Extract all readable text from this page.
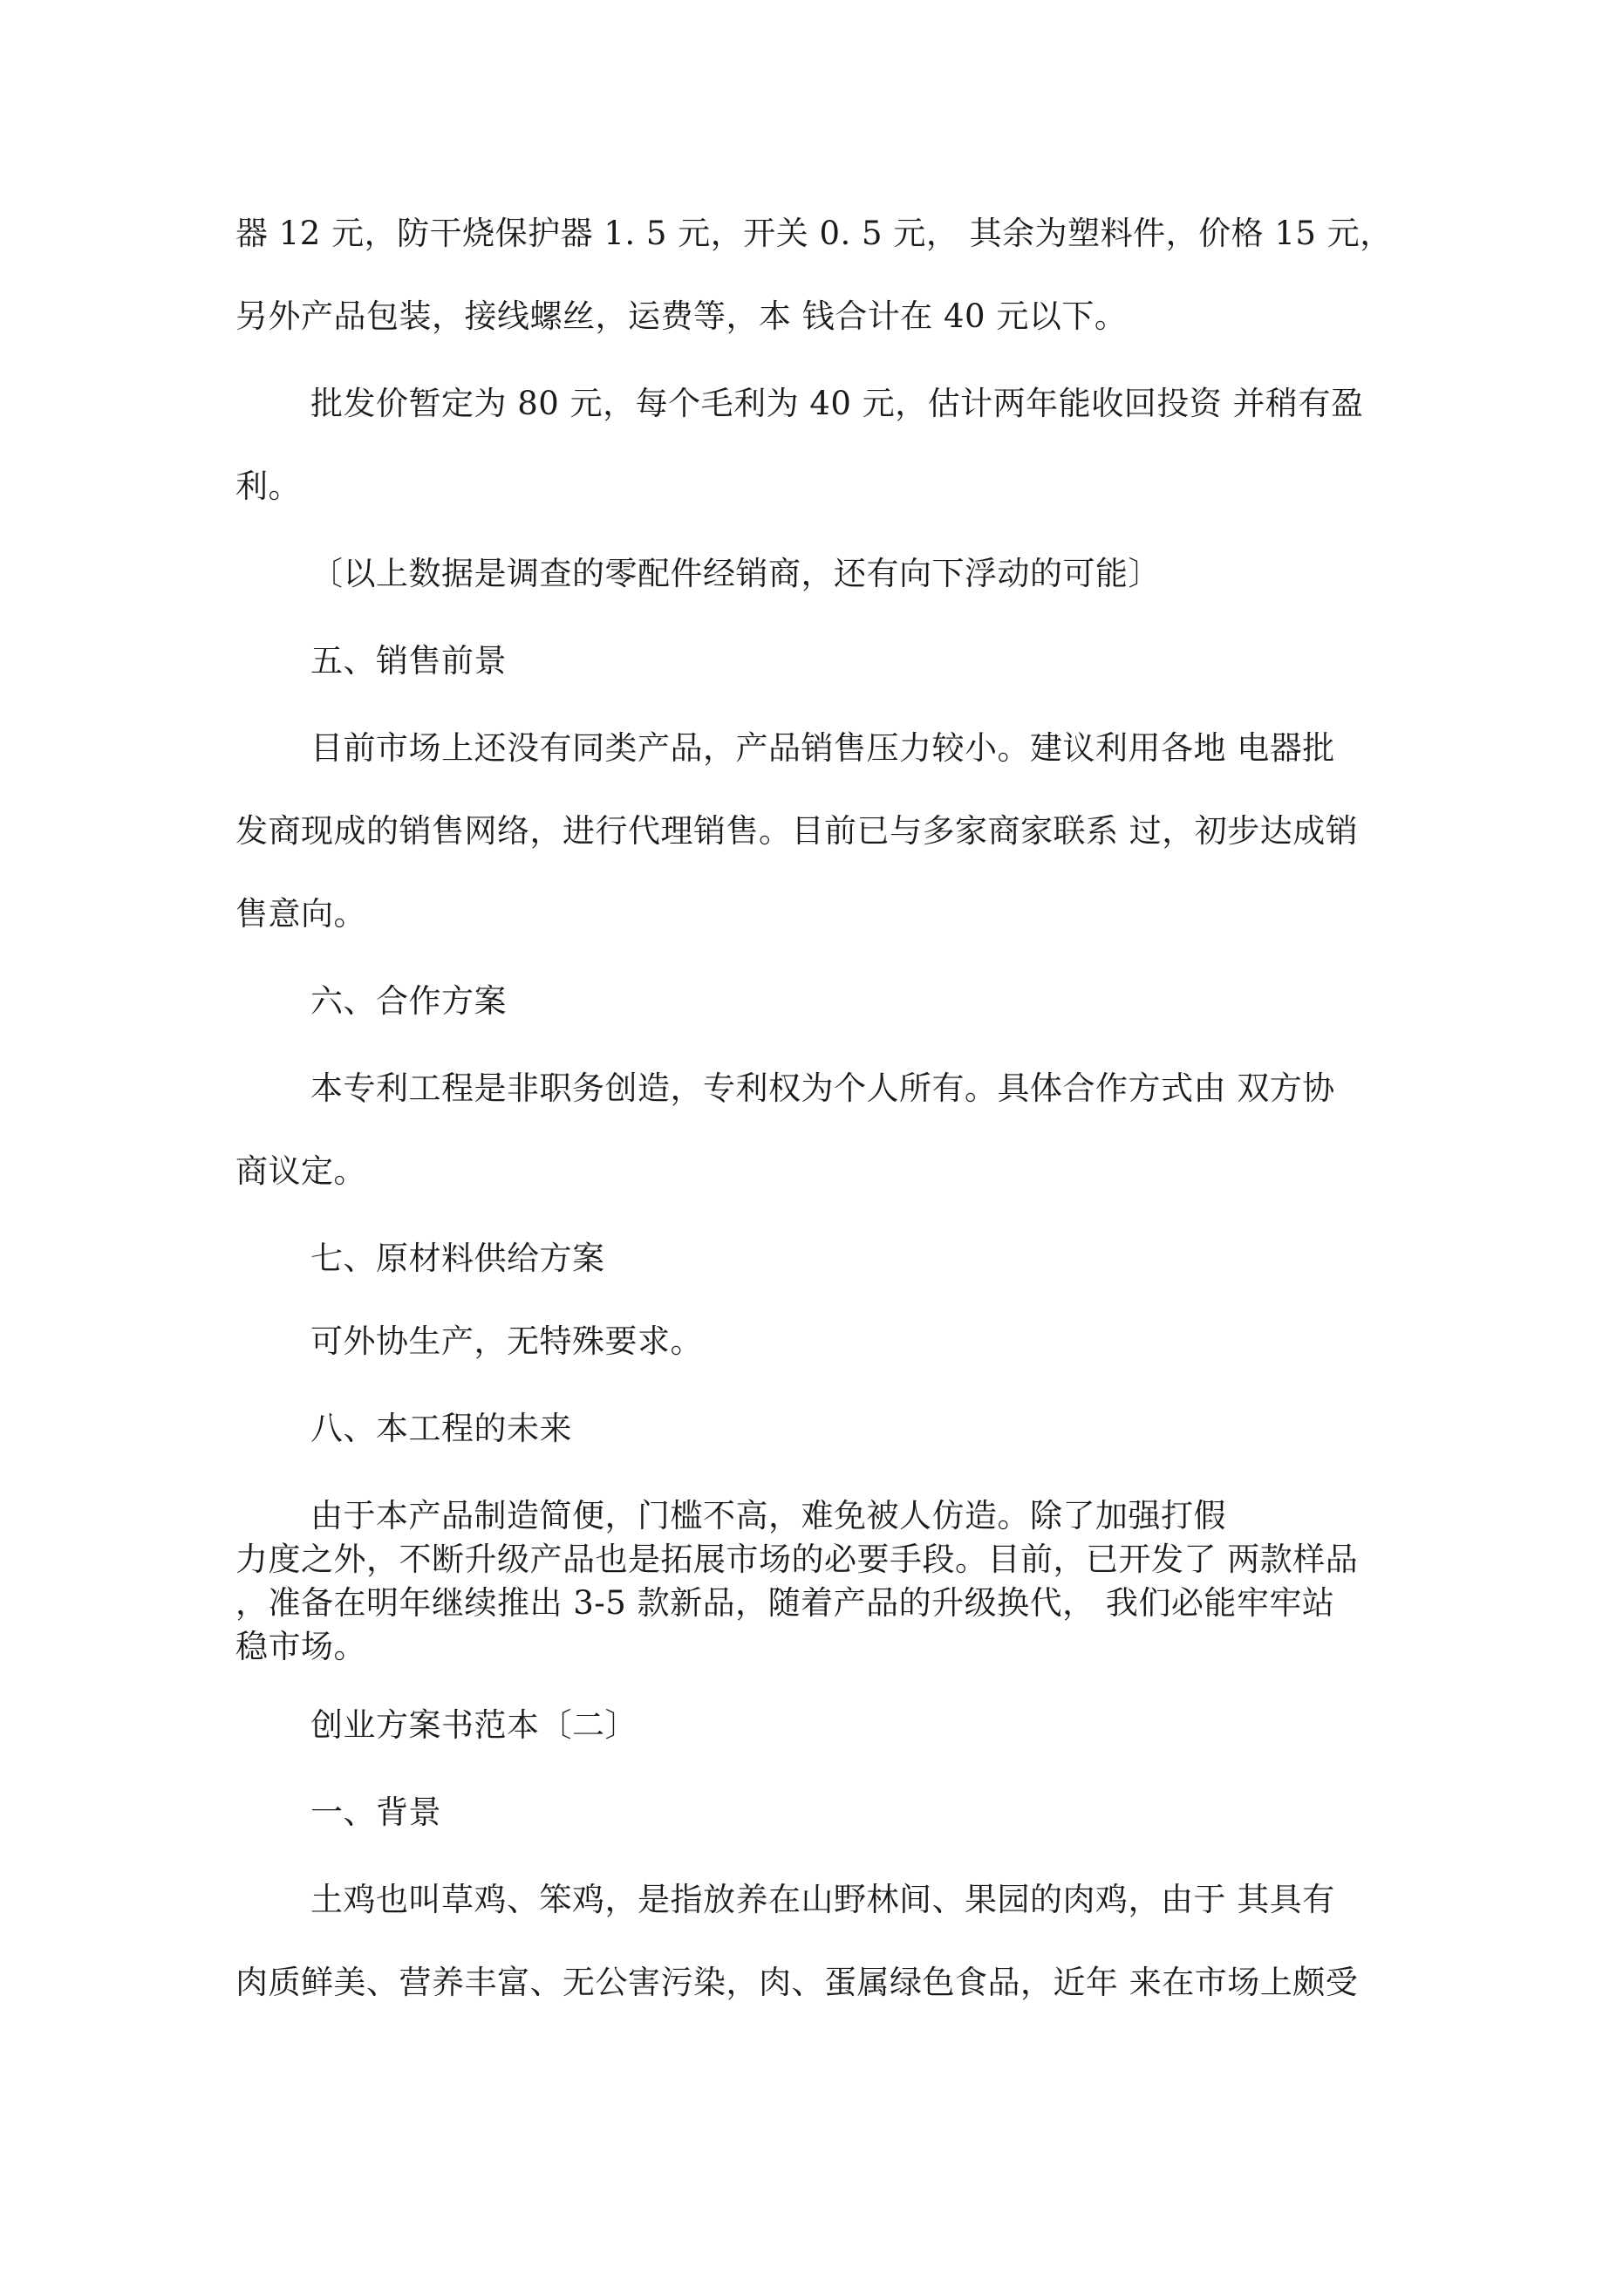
器 12 元，防干烧保护器 1. 5 元，开关 0. 5 元， 其余为塑料件，价格 15 元，
另外产品包装，接线螺丝，运费等，本 钱合计在 40 元以下。
批发价暂定为 80 元，每个毛利为 40 元，估计两年能收回投资 并稍有盈
利。
〔以上数据是调查的零配件经销商，还有向下浮动的可能〕
五、销售前景
目前市场上还没有同类产品，产品销售压力较小。建议利用各地 电器批
发商现成的销售网络，进行代理销售。目前已与多家商家联系 过，初步达成销
售意向。
六、合作方案
本专利工程是非职务创造，专利权为个人所有。具体合作方式由 双方协
商议定。
七、原材料供给方案
可外协生产，无特殊要求。
八、本工程的未来
由于本产品制造简便，门槛不高，难免被人仿造。除了加强打假
力度之外，不断升级产品也是拓展市场的必要手段。目前，已开发了 两款样品
，准备在明年继续推出 3-5 款新品，随着产品的升级换代， 我们必能牢牢站
稳市场。
创业方案书范本〔二〕
一、背景
土鸡也叫草鸡、笨鸡，是指放养在山野林间、果园的肉鸡，由于 其具有
肉质鲜美、营养丰富、无公害污染，肉、蛋属绿色食品，近年 来在市场上颇受
